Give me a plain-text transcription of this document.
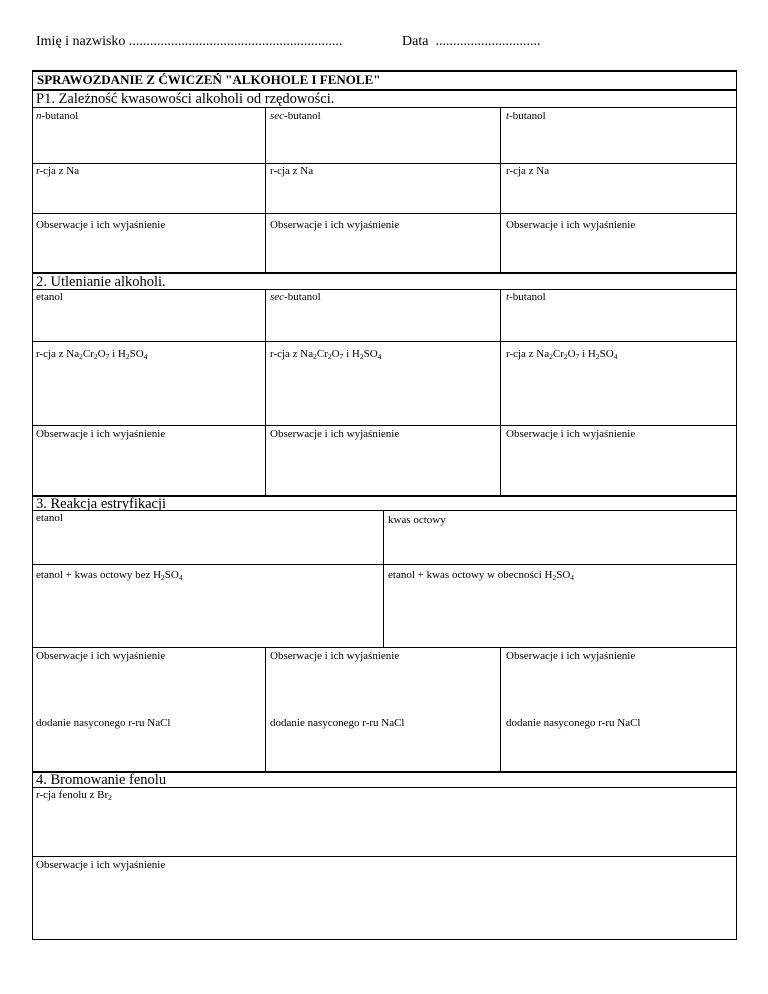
Imię i nazwisko .............................................................	Data ..............................
SPRAWOZDANIE Z ĆWICZEŃ "ALKOHOLE I FENOLE"
P1. Zależność kwasowości alkoholi od rzędowości.
n-butanol	sec-butanol	t-butanol
r-cja z Na	r-cja z Na	r-cja z Na
Obserwacje i ich wyjaśnienie	Obserwacje i ich wyjaśnienie	Obserwacje i ich wyjaśnienie
2. Utlenianie alkoholi.
etanol	sec-butanol	t-butanol
r-cja z $Na_2Cr_2O_7$ i $H_2SO_4$	r-cja z $Na_2Cr_2O_7$ i $H_2SO_4$	r-cja z $Na_2Cr_2O_7$ i $H_2SO_4$
Obserwacje i ich wyjaśnienie	Obserwacje i ich wyjaśnienie	Obserwacje i ich wyjaśnienie
3. Reakcja estryfikacji
etanol	kwas octowy
etanol + kwas octowy bez $H_2SO_4$	etanol + kwas octowy w obecności $H_2SO_4$
Obserwacje i ich wyjaśnienie	Obserwacje i ich wyjaśnienie	Obserwacje i ich wyjaśnienie
dodanie nasyconego r-ru NaCl	dodanie nasyconego r-ru NaCl	dodanie nasyconego r-ru NaCl
4. Bromowanie fenolu
r-cja fenolu z $Br_2$
Obserwacje i ich wyjaśnienie
